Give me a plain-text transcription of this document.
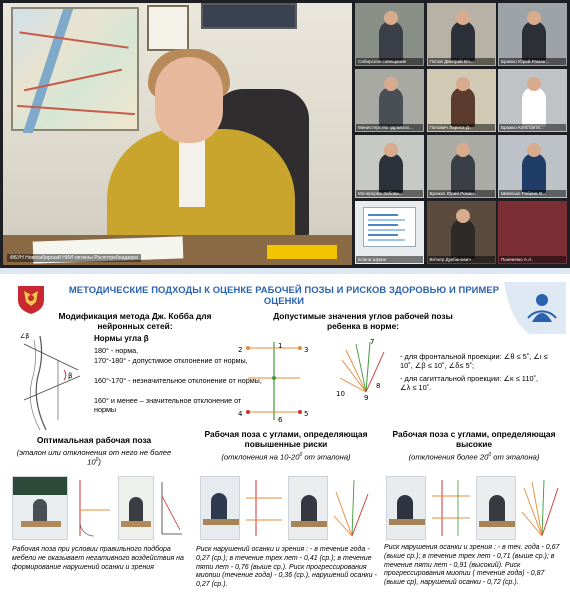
ФБУН Новосибирский НИИ гигиены Роспотребнадзора
Сибирское совещание	Попов Дмитрий Вл...	Бражко Юрий Роман...
Министерство здравоох...	Попович Лариса Д...	Бражко Константи...
Мочерцова Зобова...	Бражко Юрий Роман...	Шмелько Рабина О...
Елена Шукин	Вяткер Дукбанович	Пшеничко А.А.
МЕТОДИЧЕСКИЕ ПОДХОДЫ К ОЦЕНКЕ РАБОЧЕЙ ПОЗЫ И РИСКОВ ЗДОРОВЬЮ И ПРИМЕР ОЦЕНКИ
Модификация метода Дж. Кобба для нейронных сетей:
β
∠β	Нормы угла β
180° - норма,
170°-180° - допустимое отклонение от нормы,
160°-170° - незначительное отклонение от нормы,
160° и менее – значительное отклонение от нормы
Допустимые значения углов рабочей позы ребенка в норме:
2	3
4	5
6
1	7
8
9
10
- для фронтальной проекции: ∠θ ≤ 5˚, ∠ι ≤ 10˚, ∠β ≤ 10˚, ∠δ≤ 5˚;
- для сагиттальной проекции: ∠κ ≤ 110˚, ∠λ ≤ 10˚.
Оптимальная рабочая поза
(эталон или отклонения от него не более $10^0$)
Рабочая поза с углами, определяющая повышенные риски
(отклонения на $10-20^0$ от эталона)
Рабочая поза с углами, определяющая высокие
(отклонения более $20^0$ от эталона)
Рабочая поза при условии правильного подбора мебели не оказывает негативного воздействия на формирование нарушений осанки и зрения
Риск нарушений осанки и зрения : - в течение года - 0,27 (ср.); в течение трех лет - 0,41 (ср.); в течение пяти лет - 0,76 (выше ср.). Риск прогрессирования миопии (течение года) - 0,36 (ср.), нарушений осанки - 0,27 (ср.).
Риск нарушения осанки и зрения : - в теч. года - 0,67 (выше ср.); в течение трех лет - 0,71 (выше ср.); в течение пяти лет - 0,91 (высокий). Риск прогрессирования миопии ( течение года) - 0,87 (выше ср), нарушений осанки - 0,72 (ср.).
